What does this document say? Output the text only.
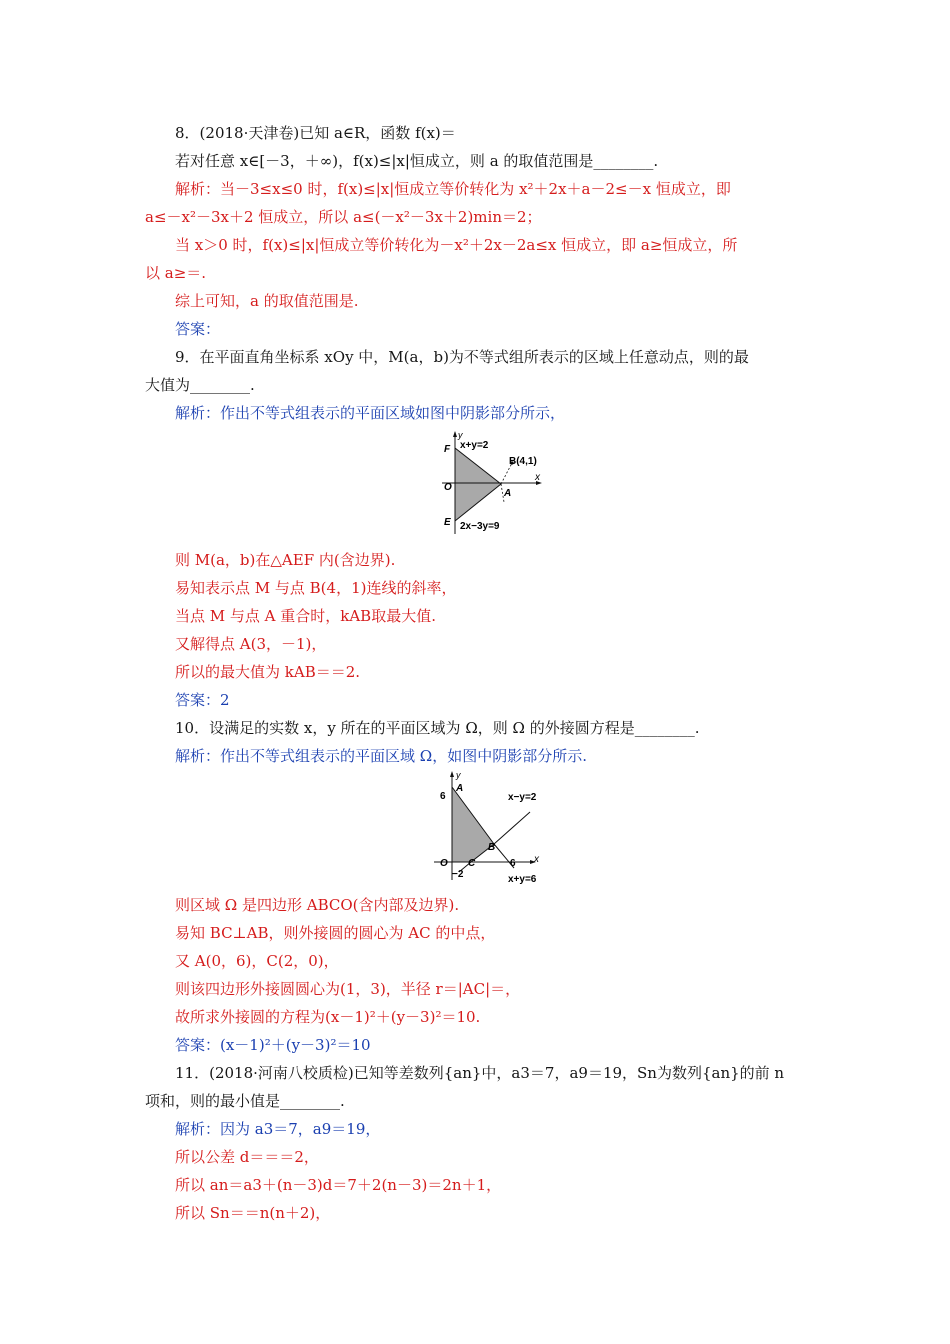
8．(2018·天津卷)已知 a∈R，函数 f(x)＝
若对任意 x∈[－3，＋∞)，f(x)≤|x|恒成立，则 a 的取值范围是________.
解析：当－3≤x≤0 时，f(x)≤|x|恒成立等价转化为 x²＋2x＋a－2≤－x 恒成立，即
a≤－x²－3x＋2 恒成立，所以 a≤(－x²－3x＋2)min＝2；
当 x＞0 时，f(x)≤|x|恒成立等价转化为－x²＋2x－2a≤x 恒成立，即 a≥恒成立，所
以 a≥＝.
综上可知，a 的取值范围是.
答案：
9．在平面直角坐标系 xOy 中，M(a，b)为不等式组所表示的区域上任意动点，则的最
大值为________.
解析：作出不等式组表示的平面区域如图中阴影部分所示，
则 M(a，b)在△AEF 内(含边界).
易知表示点 M 与点 B(4，1)连线的斜率，
当点 M 与点 A 重合时，kAB取最大值.
又解得点 A(3，－1)，
所以的最大值为 kAB＝＝2.
答案：2
10．设满足的实数 x，y 所在的平面区域为 Ω，则 Ω 的外接圆方程是________.
解析：作出不等式组表示的平面区域 Ω，如图中阴影部分所示.
则区域 Ω 是四边形 ABCO(含内部及边界).
易知 BC⊥AB，则外接圆的圆心为 AC 的中点，
又 A(0，6)，C(2，0)，
则该四边形外接圆圆心为(1，3)，半径 r＝|AC|＝，
故所求外接圆的方程为(x－1)²＋(y－3)²＝10.
答案：(x－1)²＋(y－3)²＝10
11．(2018·河南八校质检)已知等差数列{an}中，a3＝7，a9＝19，Sn为数列{an}的前 n
项和，则的最小值是________.
解析：因为 a3＝7，a9＝19，
所以公差 d＝＝＝2，
所以 an＝a3＋(n－3)d＝7＋2(n－3)＝2n＋1，
所以 Sn＝＝n(n＋2)，
y
F x+y=2
B(4,1)
O
x
A
E 2x−3y=9
y
6
A
x−y=2
B
O C	6 x
−2	x+y=6
